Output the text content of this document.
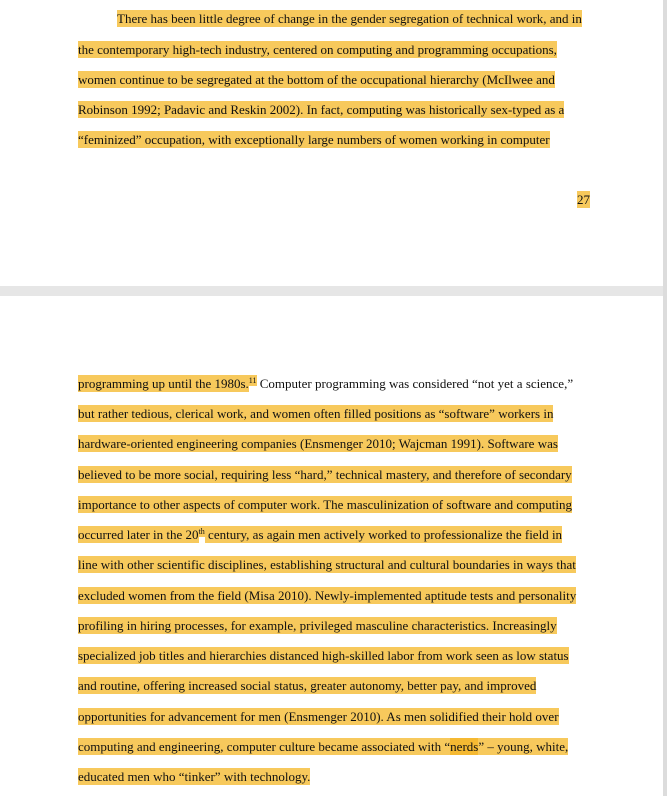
There has been little degree of change in the gender segregation of technical work, and in
the contemporary high-tech industry, centered on computing and programming occupations,
women continue to be segregated at the bottom of the occupational hierarchy (McIlwee and
Robinson 1992; Padavic and Reskin 2002). In fact, computing was historically sex-typed as a
“feminized” occupation, with exceptionally large numbers of women working in computer
27
programming up until the 1980s.$^{11}$ Computer programming was considered “not yet a science,”
but rather tedious, clerical work, and women often filled positions as “software” workers in
hardware-oriented engineering companies (Ensmenger 2010; Wajcman 1991). Software was
believed to be more social, requiring less “hard,” technical mastery, and therefore of secondary
importance to other aspects of computer work. The masculinization of software and computing
occurred later in the 20th century, as again men actively worked to professionalize the field in
line with other scientific disciplines, establishing structural and cultural boundaries in ways that
excluded women from the field (Misa 2010). Newly-implemented aptitude tests and personality
profiling in hiring processes, for example, privileged masculine characteristics. Increasingly
specialized job titles and hierarchies distanced high-skilled labor from work seen as low status
and routine, offering increased social status, greater autonomy, better pay, and improved
opportunities for advancement for men (Ensmenger 2010). As men solidified their hold over
computing and engineering, computer culture became associated with “nerds” – young, white,
educated men who “tinker” with technology.
